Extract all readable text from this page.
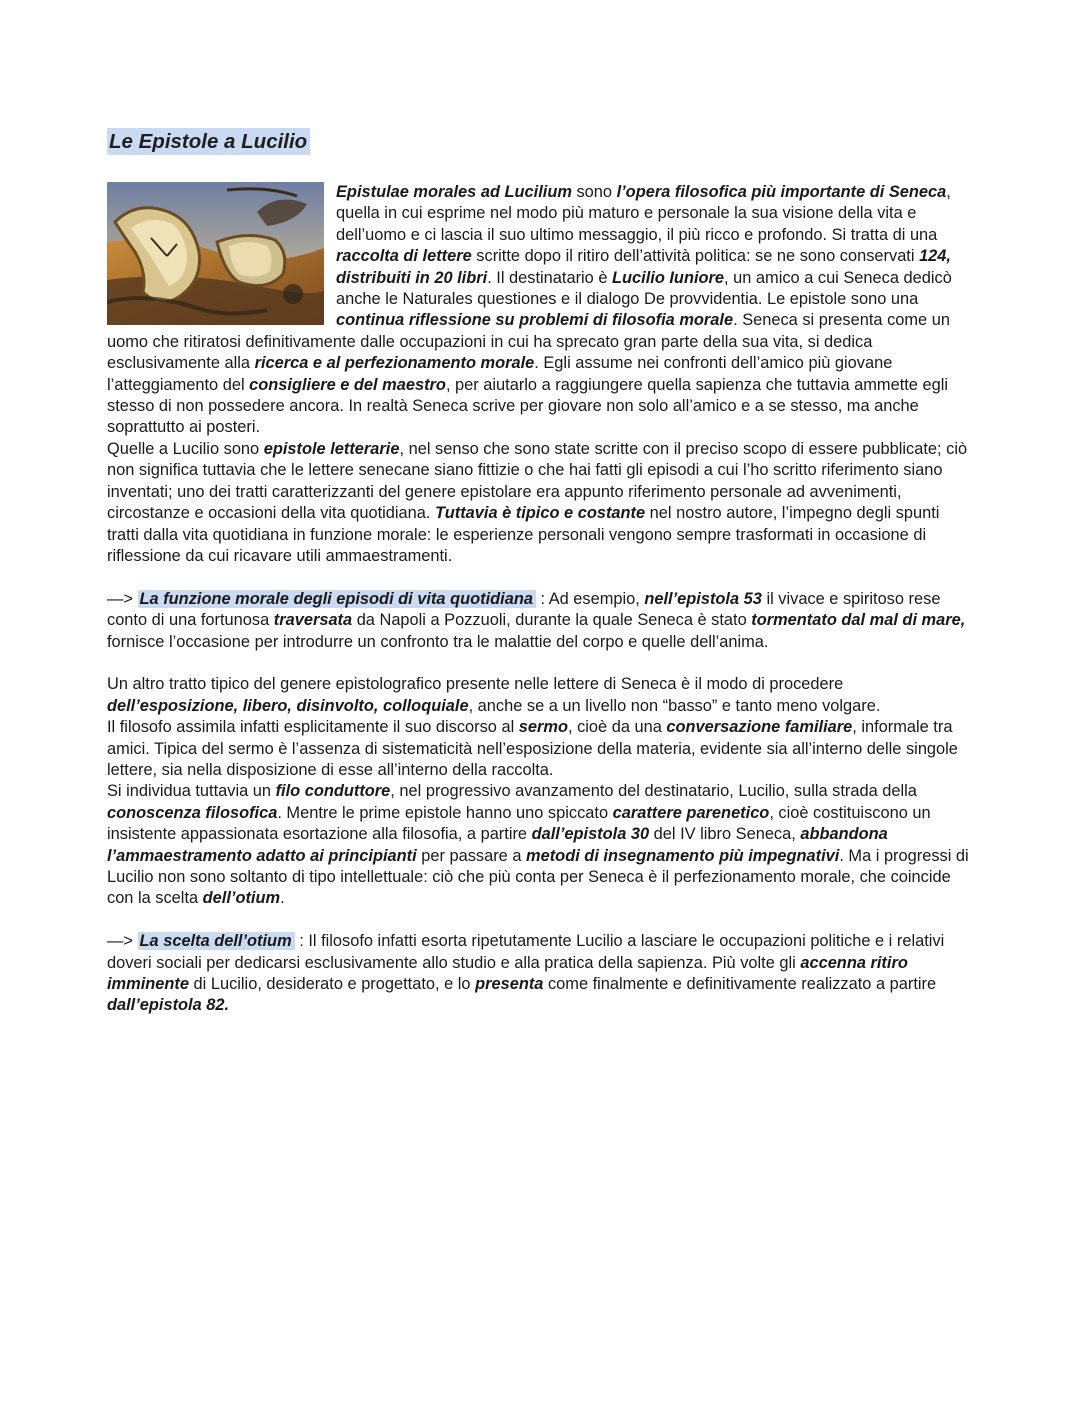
Le Epistole a Lucilio

Epistulae morales ad Lucilium sono l’opera filosofica più importante di Seneca, quella in cui esprime nel modo più maturo e personale la sua visione della vita e dell’uomo e ci lascia il suo ultimo messaggio, il più ricco e profondo. Si tratta di una raccolta di lettere scritte dopo il ritiro dell’attività politica: se ne sono conservati 124, distribuiti in 20 libri. Il destinatario è Lucilio Iuniore, un amico a cui Seneca dedicò anche le Naturales questiones e il dialogo De provvidentia. Le epistole sono una continua riflessione su problemi di filosofia morale. Seneca si presenta come un uomo che ritiratosi definitivamente dalle occupazioni in cui ha sprecato gran parte della sua vita, si dedica esclusivamente alla ricerca e al perfezionamento morale. Egli assume nei confronti dell’amico più giovane l’atteggiamento del consigliere e del maestro, per aiutarlo a raggiungere quella sapienza che tuttavia ammette egli stesso di non possedere ancora. In realtà Seneca scrive per giovare non solo all’amico e a se stesso, ma anche soprattutto ai posteri.

Quelle a Lucilio sono epistole letterarie, nel senso che sono state scritte con il preciso scopo di essere pubblicate; ciò non significa tuttavia che le lettere senecane siano fittizie o che hai fatti gli episodi a cui l’ho scritto riferimento siano inventati; uno dei tratti caratterizzanti del genere epistolare era appunto riferimento personale ad avvenimenti, circostanze e occasioni della vita quotidiana. Tuttavia è tipico e costante nel nostro autore, l’impegno degli spunti tratti dalla vita quotidiana in funzione morale: le esperienze personali vengono sempre trasformati in occasione di riflessione da cui ricavare utili ammaestramenti.

—> La funzione morale degli episodi di vita quotidiana : Ad esempio, nell’epistola 53 il vivace e spiritoso rese conto di una fortunosa traversata da Napoli a Pozzuoli, durante la quale Seneca è stato tormentato dal mal di mare, fornisce l’occasione per introdurre un confronto tra le malattie del corpo e quelle dell’anima.

Un altro tratto tipico del genere epistolografico presente nelle lettere di Seneca è il modo di procedere dell’esposizione, libero, disinvolto, colloquiale, anche se a un livello non “basso” e tanto meno volgare.

Il filosofo assimila infatti esplicitamente il suo discorso al sermo, cioè da una conversazione familiare, informale tra amici. Tipica del sermo è l’assenza di sistematicità nell’esposizione della materia, evidente sia all’interno delle singole lettere, sia nella disposizione di esse all’interno della raccolta.

Si individua tuttavia un filo conduttore, nel progressivo avanzamento del destinatario, Lucilio, sulla strada della conoscenza filosofica. Mentre le prime epistole hanno uno spiccato carattere parenetico, cioè costituiscono un insistente appassionata esortazione alla filosofia, a partire dall’epistola 30 del IV libro Seneca, abbandona l’ammaestramento adatto ai principianti per passare a metodi di insegnamento più impegnativi. Ma i progressi di Lucilio non sono soltanto di tipo intellettuale: ciò che più conta per Seneca è il perfezionamento morale, che coincide con la scelta dell’otium.

—> La scelta dell’otium : Il filosofo infatti esorta ripetutamente Lucilio a lasciare le occupazioni politiche e i relativi doveri sociali per dedicarsi esclusivamente allo studio e alla pratica della sapienza. Più volte gli accenna ritiro imminente di Lucilio, desiderato e progettato, e lo presenta come finalmente e definitivamente realizzato a partire dall’epistola 82.
